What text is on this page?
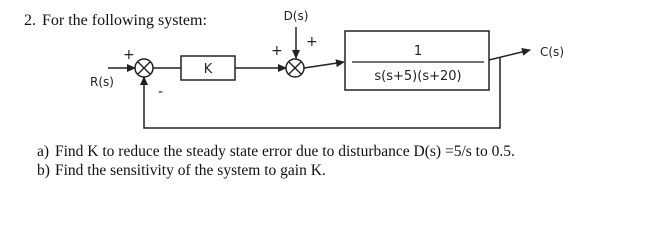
2. For the following system:
R(s)
+
-
K
+
D(s)
+
1
s(s+5)(s+20)
C(s)
a) Find K to reduce the steady state error due to disturbance D(s) =5/s to 0.5.
b) Find the sensitivity of the system to gain K.
